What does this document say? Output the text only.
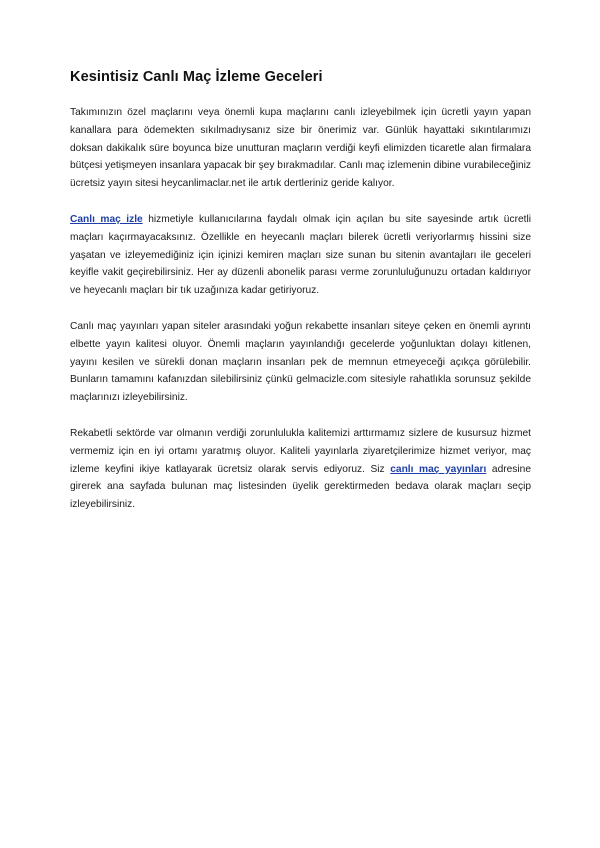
Kesintisiz Canlı Maç İzleme Geceleri

Takımınızın özel maçlarını veya önemli kupa maçlarını canlı izleyebilmek için ücretli yayın yapan kanallara para ödemekten sıkılmadıysanız size bir önerimiz var. Günlük hayattaki sıkıntılarımızı doksan dakikalık süre boyunca bize unutturan maçların verdiği keyfi elimizden ticaretle alan firmalara bütçesi yetişmeyen insanlara yapacak bir şey bırakmadılar. Canlı maç izlemenin dibine vurabileceğiniz ücretsiz yayın sitesi heycanlimaclar.net ile artık dertleriniz geride kalıyor.

Canlı maç izle hizmetiyle kullanıcılarına faydalı olmak için açılan bu site sayesinde artık ücretli maçları kaçırmayacaksınız. Özellikle en heyecanlı maçları bilerek ücretli veriyorlarmış hissini size yaşatan ve izleyemediğiniz için içinizi kemiren maçları size sunan bu sitenin avantajları ile geceleri keyifle vakit geçirebilirsiniz. Her ay düzenli abonelik parası verme zorunluluğunuzu ortadan kaldırıyor ve heyecanlı maçları bir tık uzağınıza kadar getiriyoruz.

Canlı maç yayınları yapan siteler arasındaki yoğun rekabette insanları siteye çeken en önemli ayrıntı elbette yayın kalitesi oluyor. Önemli maçların yayınlandığı gecelerde yoğunluktan dolayı kitlenen, yayını kesilen ve sürekli donan maçların insanları pek de memnun etmeyeceği açıkça görülebilir. Bunların tamamını kafanızdan silebilirsiniz çünkü gelmacizle.com sitesiyle rahatlıkla sorunsuz şekilde maçlarınızı izleyebilirsiniz.

Rekabetli sektörde var olmanın verdiği zorunlulukla kalitemizi arttırmamız sizlere de kusursuz hizmet vermemiz için en iyi ortamı yaratmış oluyor. Kaliteli yayınlarla ziyaretçilerimize hizmet veriyor, maç izleme keyfini ikiye katlayarak ücretsiz olarak servis ediyoruz. Siz canlı maç yayınları adresine girerek ana sayfada bulunan maç listesinden üyelik gerektirmeden bedava olarak maçları seçip izleyebilirsiniz.
